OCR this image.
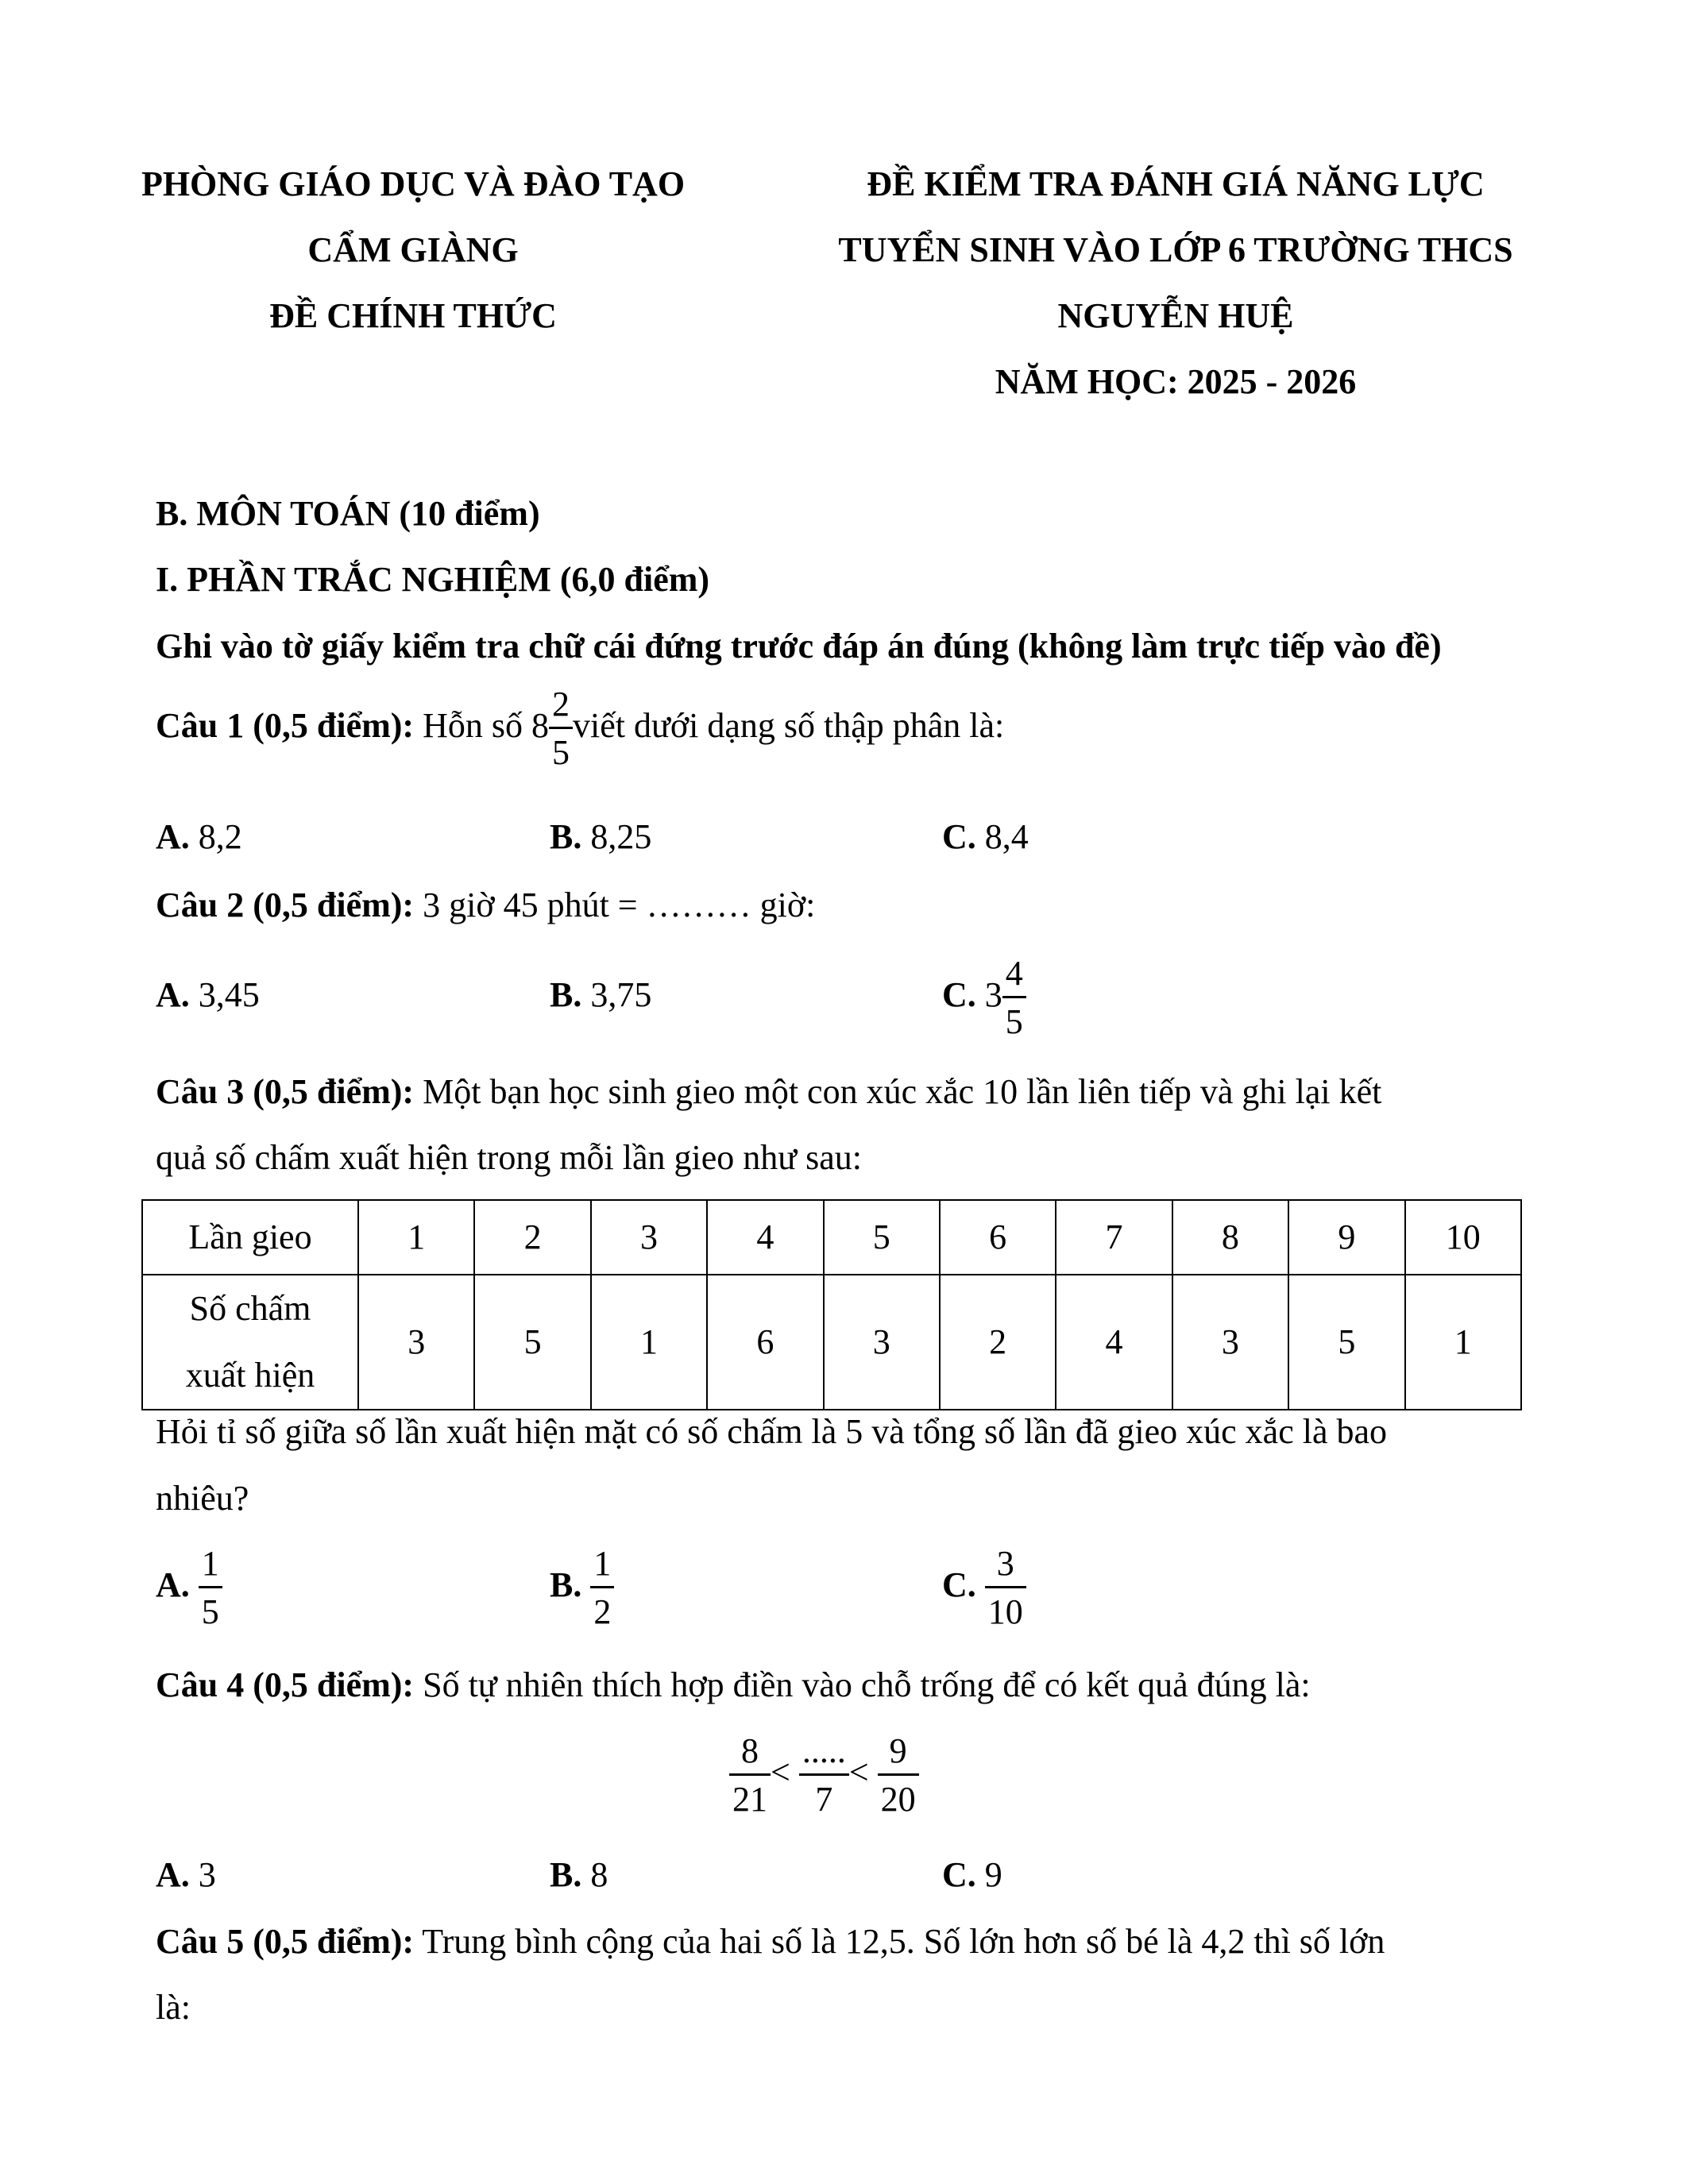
PHÒNG GIÁO DỤC VÀ ĐÀO TẠO
CẨM GIÀNG
ĐỀ CHÍNH THỨC
ĐỀ KIỂM TRA ĐÁNH GIÁ NĂNG LỰC
TUYỂN SINH VÀO LỚP 6 TRƯỜNG THCS
NGUYỄN HUỆ
NĂM HỌC: 2025 - 2026
B. MÔN TOÁN (10 điểm)
I. PHẦN TRẮC NGHIỆM (6,0 điểm)
Ghi vào tờ giấy kiểm tra chữ cái đứng trước đáp án đúng (không làm trực tiếp vào đề)
Câu 1 (0,5 điểm): Hỗn số $8 \frac{2}{5}$ viết dưới dạng số thập phân là:
A. 8,2	B. 8,25	C. 8,4
Câu 2 (0,5 điểm): 3 giờ 45 phút = ……… giờ:
A. 3,45	B. 3,75	C. $3 \frac{4}{5}$
Câu 3 (0,5 điểm): Một bạn học sinh gieo một con xúc xắc 10 lần liên tiếp và ghi lại kết
quả số chấm xuất hiện trong mỗi lần gieo như sau:
Lần gieo	1	2	3	4	5	6	7	8	9	10

Số chấm
xuất hiện	3	5	1	6	3	2	4	3	5	1
Hỏi tỉ số giữa số lần xuất hiện mặt có số chấm là 5 và tổng số lần đã gieo xúc xắc là bao
nhiêu?
A. $\frac{1}{5}$	B. $\frac{1}{2}$	C. $\frac{3}{10}$
Câu 4 (0,5 điểm): Số tự nhiên thích hợp điền vào chỗ trống để có kết quả đúng là:
$\frac{8}{21} < \frac{.....}{7} < \frac{9}{20}$
A. 3	B. 8	C. 9
Câu 5 (0,5 điểm): Trung bình cộng của hai số là 12,5. Số lớn hơn số bé là 4,2 thì số lớn
là:
